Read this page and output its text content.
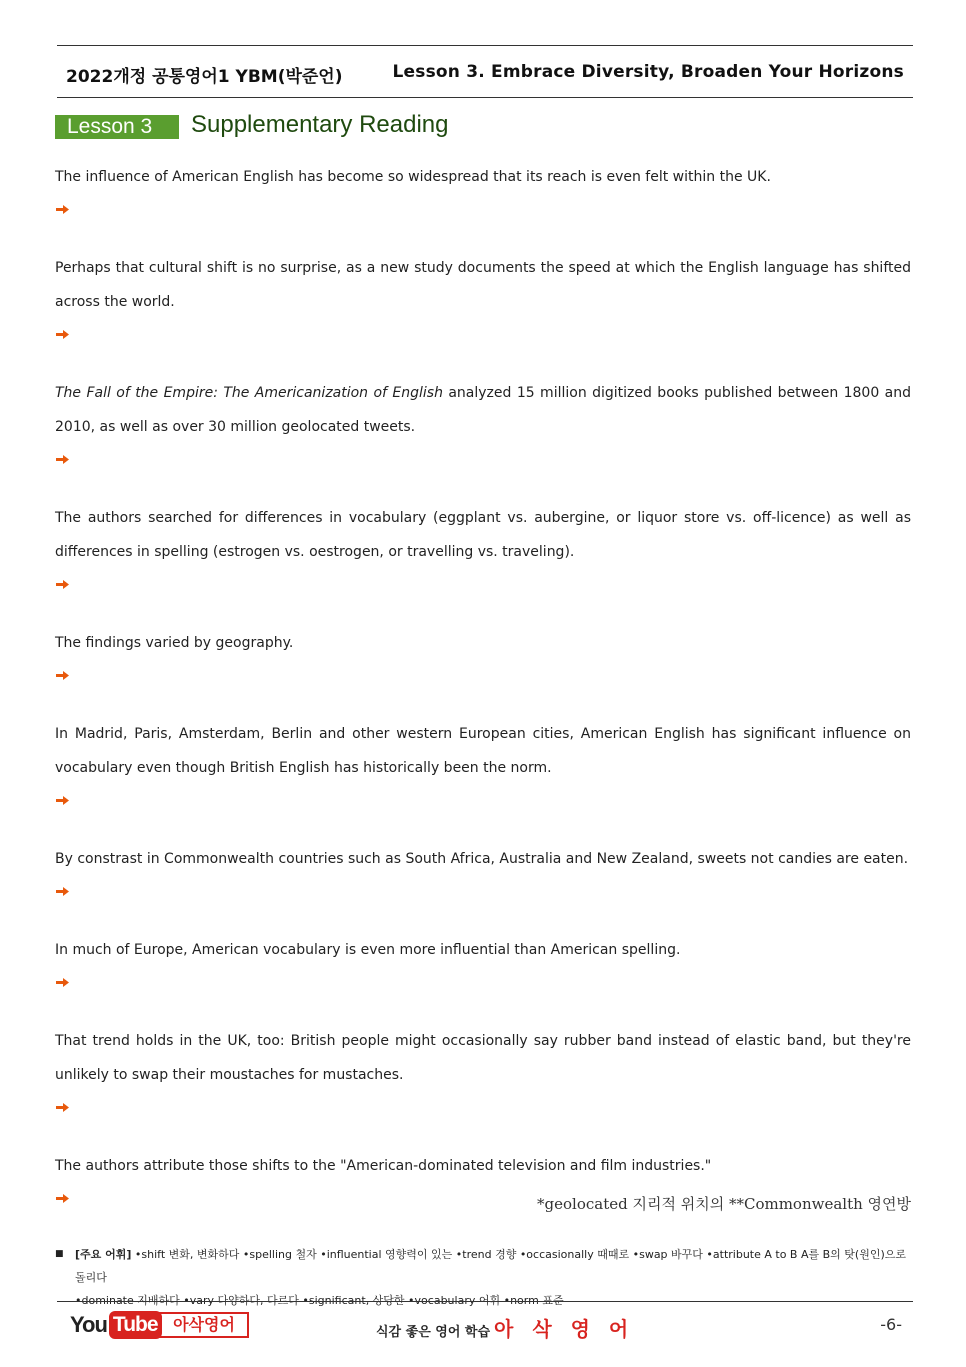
2022개정 공통영어1 YBM(박준언)	Lesson 3. Embrace Diversity, Broaden Your Horizons
Lesson 3	Supplementary Reading
The influence of American English has become so widespread that its reach is even felt within the UK.
Perhaps that cultural shift is no surprise, as a new study documents the speed at which the English language has shifted across the world.
The Fall of the Empire: The Americanization of English analyzed 15 million digitized books published between 1800 and 2010, as well as over 30 million geolocated tweets.
The authors searched for differences in vocabulary (eggplant vs. aubergine, or liquor store vs. off-licence) as well as differences in spelling (estrogen vs. oestrogen, or travelling vs. traveling).
The findings varied by geography.
In Madrid, Paris, Amsterdam, Berlin and other western European cities, American English has significant influence on vocabulary even though British English has historically been the norm.
By constrast in Commonwealth countries such as South Africa, Australia and New Zealand, sweets not candies are eaten.
In much of Europe, American vocabulary is even more influential than American spelling.
That trend holds in the UK, too: British people might occasionally say rubber band instead of elastic band, but they're unlikely to swap their moustaches for mustaches.
The authors attribute those shifts to the "American-dominated television and film industries."
*geolocated 지리적 위치의 **Commonwealth 영연방
■ [주요 어휘] •shift 변화, 변화하다 •spelling 철자 •influential 영향력이 있는 •trend 경향 •occasionally 때때로 •swap 바꾸다 •attribute A to B A를 B의 탓(원인)으로 돌리다
•dominate 지배하다 •vary 다양하다, 다르다 •significant, 상당한 •vocabulary 어휘 •norm 표준
You Tube 아삭영어	식감 좋은 영어 학습 아 삭 영 어	-6-
